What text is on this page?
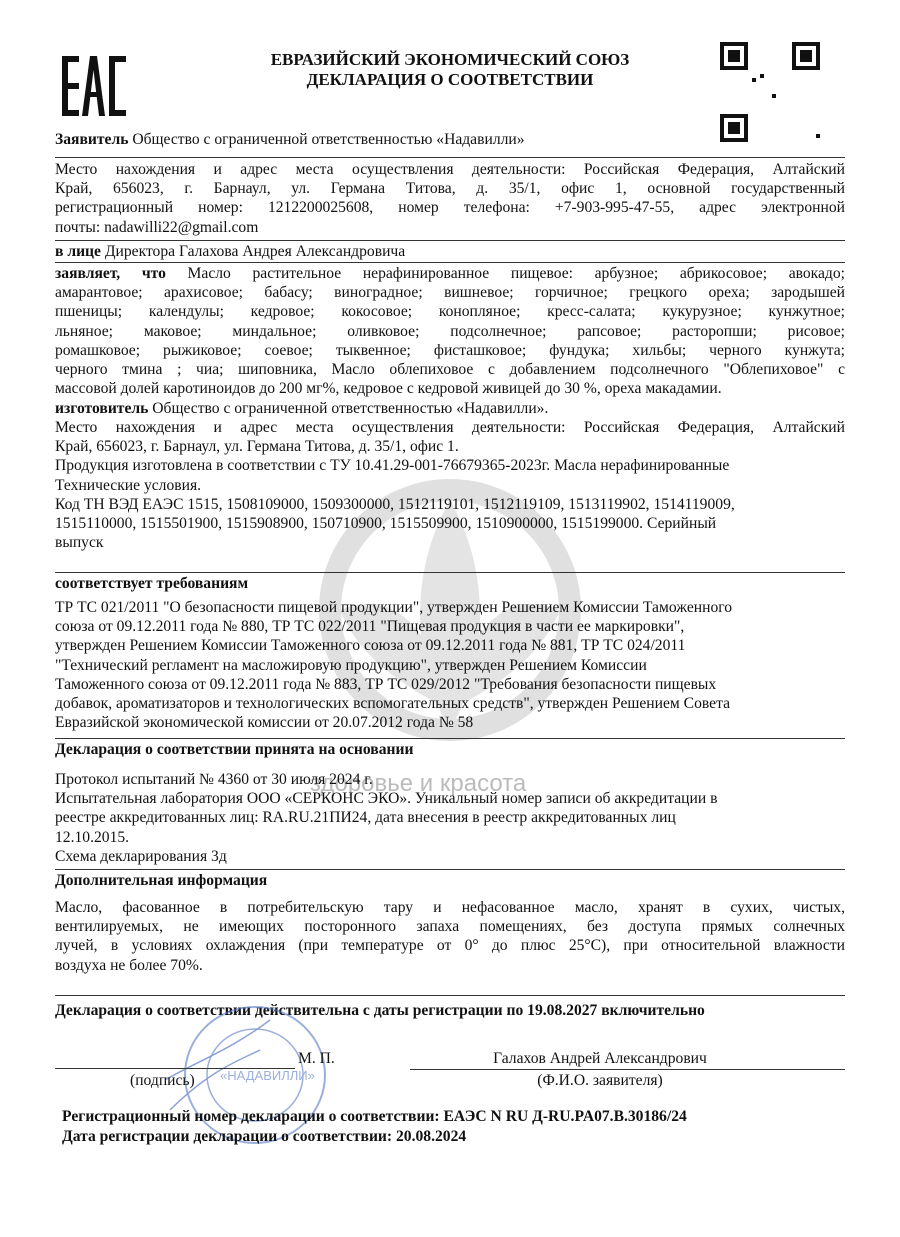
здоровье и красота
ЕВРАЗИЙСКИЙ ЭКОНОМИЧЕСКИЙ СОЮЗ
ДЕКЛАРАЦИЯ О СООТВЕТСТВИИ
Заявитель Общество с ограниченной ответственностью «Надавилли»
Место нахождения и адрес места осуществления деятельности: Российская Федерация, Алтайский
Край, 656023, г. Барнаул, ул. Германа Титова, д. 35/1, офис 1, основной государственный
регистрационный номер: 1212200025608, номер телефона: +7-903-995-47-55, адрес электронной
почты: nadawilli22@gmail.com
в лице Директора Галахова Андрея Александровича
заявляет, что Масло растительное нерафинированное пищевое: арбузное; абрикосовое; авокадо;
амарантовое; арахисовое; бабасу; виноградное; вишневое; горчичное; грецкого ореха; зародышей
пшеницы; календулы; кедровое; кокосовое; конопляное; кресс-салата; кукурузное; кунжутное;
льняное; маковое; миндальное; оливковое; подсолнечное; рапсовое; расторопши; рисовое;
ромашковое; рыжиковое; соевое; тыквенное; фисташковое; фундука; хильбы; черного кунжута;
черного тмина ; чиа; шиповника, Масло облепиховое с добавлением подсолнечного "Облепиховое" с
массовой долей каротиноидов до 200 мг%, кедровое с кедровой живицей до 30 %, ореха макадамии.
изготовитель Общество с ограниченной ответственностью «Надавилли».
Место нахождения и адрес места осуществления деятельности: Российская Федерация, Алтайский
Край, 656023, г. Барнаул, ул. Германа Титова, д. 35/1, офис 1.
Продукция изготовлена в соответствии с ТУ 10.41.29-001-76679365-2023г. Масла нерафинированные
Технические условия.
Код ТН ВЭД ЕАЭС 1515, 1508109000, 1509300000, 1512119101, 1512119109, 1513119902, 1514119009,
1515110000, 1515501900, 1515908900, 150710900, 1515509900, 1510900000, 1515199000. Серийный
выпуск
соответствует требованиям
ТР ТС 021/2011 "О безопасности пищевой продукции", утвержден Решением Комиссии Таможенного
союза от 09.12.2011 года № 880, ТР ТС 022/2011 "Пищевая продукция в части ее маркировки",
утвержден Решением Комиссии Таможенного союза от 09.12.2011 года № 881, ТР ТС 024/2011
"Технический регламент на масложировую продукцию", утвержден Решением Комиссии
Таможенного союза от 09.12.2011 года № 883, ТР ТС 029/2012 "Требования безопасности пищевых
добавок, ароматизаторов и технологических вспомогательных средств", утвержден Решением Совета
Евразийской экономической комиссии от 20.07.2012 года № 58
Декларация о соответствии принята на основании
Протокол испытаний № 4360 от 30 июля 2024 г.
Испытательная лаборатория ООО «СЕРКОНС ЭКО». Уникальный номер записи об аккредитации в
реестре аккредитованных лиц: RA.RU.21ПИ24, дата внесения в реестр аккредитованных лиц
12.10.2015.
Схема декларирования 3д
Дополнительная информация
Масло, фасованное в потребительскую тару и нефасованное масло, хранят в сухих, чистых,
вентилируемых, не имеющих посторонного запаха помещениях, без доступа прямых солнечных
лучей, в условиях охлаждения (при температуре от 0° до плюс 25°C), при относительной влажности
воздуха не более 70%.
Декларация о соответствии действительна с даты регистрации по 19.08.2027 включительно
«НАДАВИЛЛИ»
М. П.
(подпись)
Галахов Андрей Александрович
(Ф.И.О. заявителя)
Регистрационный номер декларации о соответствии: ЕАЭС N RU Д-RU.PA07.B.30186/24
Дата регистрации декларации о соответствии: 20.08.2024
